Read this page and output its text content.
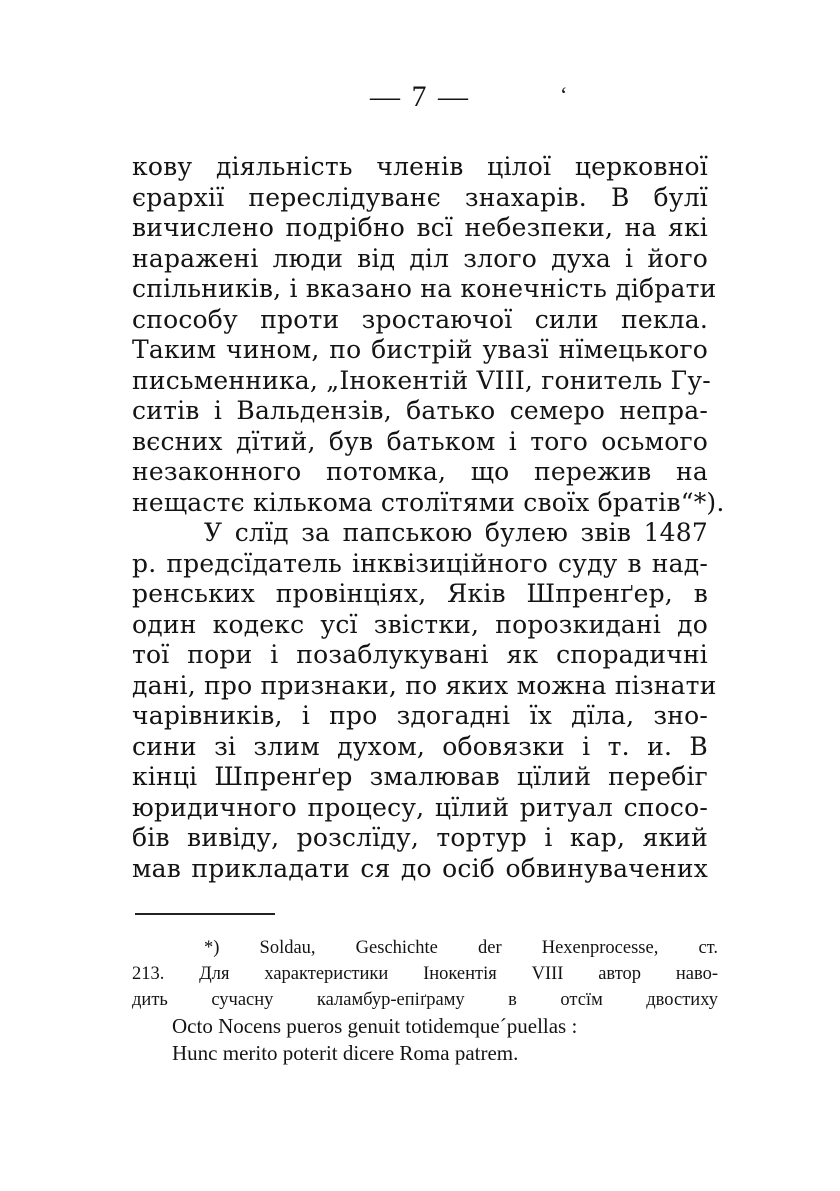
— 7 —	‘
кову діяльність членів цілої церковної
єрархії переслідуванє знахарів. В булї
вичислено подрібно всї небезпеки, на які
наражені люди від діл злого духа і його
спільників, і вказано на конечність дібрати
способу проти зростаючої сили пекла.
Таким чином, по бистрій увазї нїмецького
письменника, „Інокентій VIII, гонитель Гу-
ситів і Вальдензів, батько семеро непра-
вєсних дїтий, був батьком і того осьмого
незаконного потомка, що пережив на
нещастє кількома столїтями своїх братів“*).
У слїд за папською булею звів 1487
р. предсїдатель інквізиційного суду в над-
ренських провінціях, Яків Шпренґер, в
один кодекс усї звістки, порозкидані до
тої пори і позаблукувані як спорадичні
дані, про признаки, по яких можна пізнати
чарівників, і про здогадні їх дїла, зно-
сини зі злим духом, обовязки і т. и. В
кінці Шпренґер змалював цїлий перебіг
юридичного процесу, цїлий ритуал спосо-
бів вивіду, розслїду, тортур і кар, який
мав прикладати ся до осіб обвинувачених
*) Soldau, Geschichte der Hexenprocesse, ст.
213. Для характеристики Інокентія VIII автор наво-
дить сучасну каламбур-епіґраму в отсїм двостиху
Octo Nocens pueros genuit totidemque´puellas :
Hunc merito poterit dicere Roma patrem.
